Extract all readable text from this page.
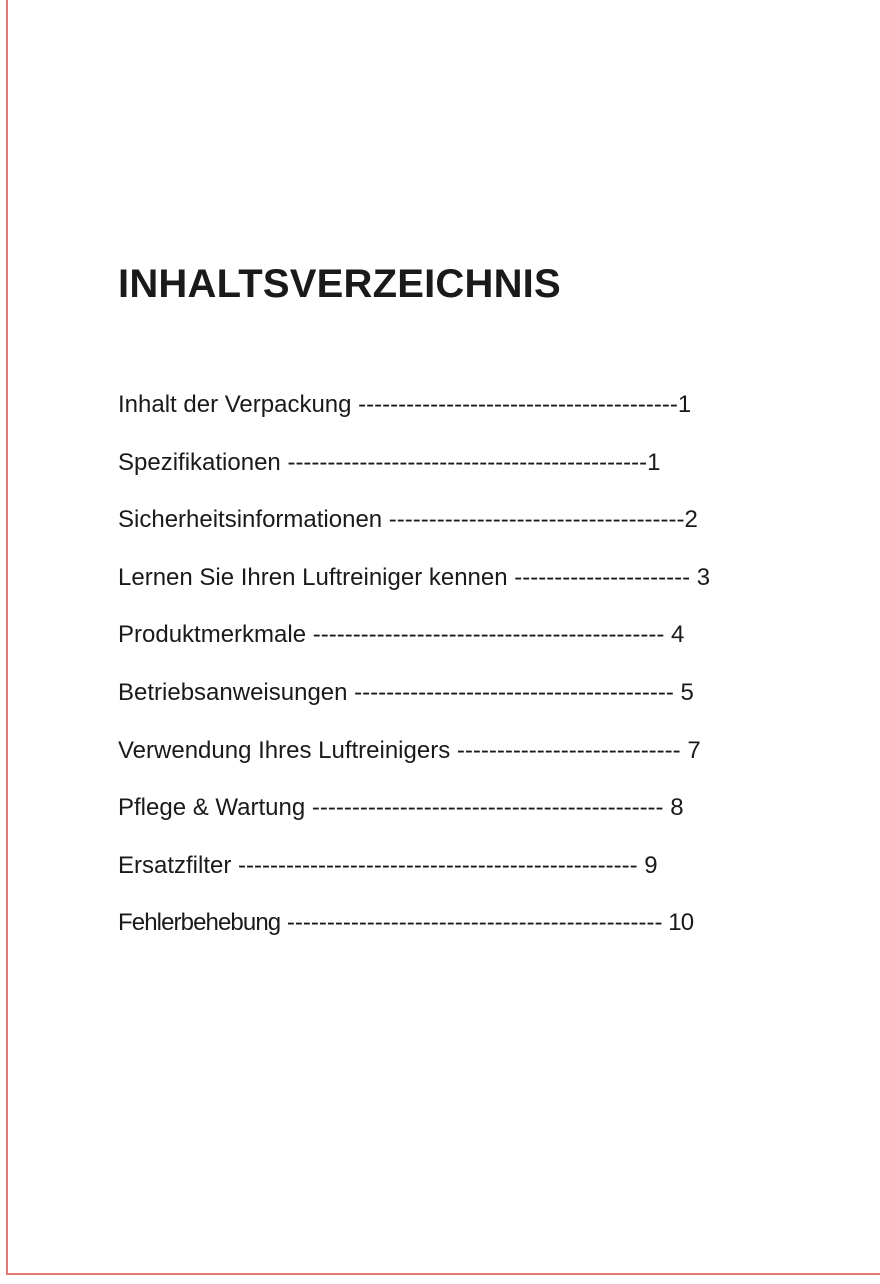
INHALTSVERZEICHNIS
Inhalt der Verpackung ----------------------------------------1
Spezifikationen ---------------------------------------------1
Sicherheitsinformationen -------------------------------------2
Lernen Sie Ihren Luftreiniger kennen ---------------------- 3
Produktmerkmale -------------------------------------------- 4
Betriebsanweisungen ---------------------------------------- 5
Verwendung Ihres Luftreinigers ---------------------------- 7
Pflege & Wartung -------------------------------------------- 8
Ersatzfilter -------------------------------------------------- 9
Fehlerbehebung ----------------------------------------------- 10
